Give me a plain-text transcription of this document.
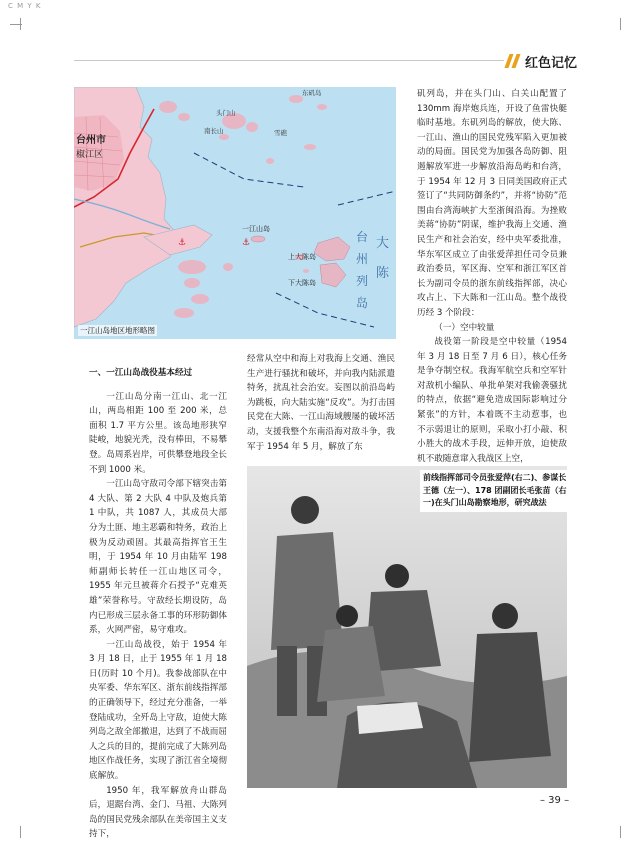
C M Y K
红色记忆
⚓	⚓
台州市
椒江区
东矶岛
头门山
南长山	雪礁
一江山岛
上大陈岛
下大陈岛
大
陈
台
州
列
岛
一江山岛地区地形略图

一、一江山岛战役基本经过

一江山岛分南一江山、北一江山，两岛相距 100 至 200 米，总面积 1.7 平方公里。该岛地形狭窄陡峻，地貌光秃，没有棒田，不易攀登。岛周系岩岸，可供攀登地段全长不到 1000 米。

一江山岛守敌司令部下辖突击第 4 大队、第 2 大队 4 中队及炮兵第 1 中队，共 1087 人，其成员大部分为土匪、地主恶霸和特务，政治上极为反动顽固。其最高指挥官王生明，于 1954 年 10 月由陆军 198 师副师长转任一江山地区司令，1955 年元旦被蒋介石授予“克难英雄”荣誉称号。守敌经长期设防，岛内已形成三层永备工事的环形防御体系，火网严密，易守难攻。

一江山岛战役，始于 1954 年 3 月 18 日，止于 1955 年 1 月 18 日(历时 10 个月)。我参战部队在中央军委、华东军区、浙东前线指挥部的正确领导下，经过充分准备，一举登陆成功，全歼岛上守敌，迫使大陈列岛之敌全部撤退，达到了不战而屈人之兵的目的，提前完成了大陈列岛地区作战任务，实现了浙江省全境彻底解放。

1950 年，我军解放舟山群岛后，退踞台湾、金门、马祖、大陈列岛的国民党残余部队在美帝国主义支持下，

经常从空中和海上对我海上交通、渔民生产进行骚扰和破坏，并向我内陆派遣特务，扰乱社会治安。妄图以前沿岛屿为跳板，向大陆实施“反攻”。为打击国民党在大陈、一江山海域艘屡的破坏活动，支援我整个东南沿海对敌斗争，我军于 1954 年 5 月，解放了东

矶列岛，并在头门山、白关山配置了 130mm 海岸炮兵连，开设了鱼雷快艇临时基地。东矶列岛的解放，使大陈、一江山、渔山的国民党残军陷入更加被动的局面。国民党为加强各岛防御、阻遏解放军进一步解放沿海岛屿和台湾，于 1954 年 12 月 3 日同美国政府正式签订了“共同防御条约”，并将“协防”范围由台湾海峡扩大至浙闽沿海。为挫败美蒋“协防”阴谋，维护我海上交通、渔民生产和社会治安，经中央军委批准，华东军区成立了由张爱萍担任司令员兼政治委员，军区海、空军和浙江军区首长为副司令员的浙东前线指挥部，决心攻占上、下大陈和一江山岛。整个战役历经 3 个阶段：

（一）空中较量

战役第一阶段是空中较量（1954 年 3 月 18 日至 7 月 6 日），核心任务是争夺制空权。我海军航空兵和空军针对敌机小编队、单批单架对我偷袭骚扰的特点，依据“避免造成国际影响过分紧张”的方针，本着既不主动惹事，也不示弱退让的原则，采取小打小敲、积小胜大的战术手段，远伸开放，迫使敌机不敢随意窜入我战区上空，

前线指挥部司令员张爱萍(右二)、参谋长王德（左一）、178 团副团长毛张苗（右一)在头门山岛勘察地形，研究战法
– 39 –
